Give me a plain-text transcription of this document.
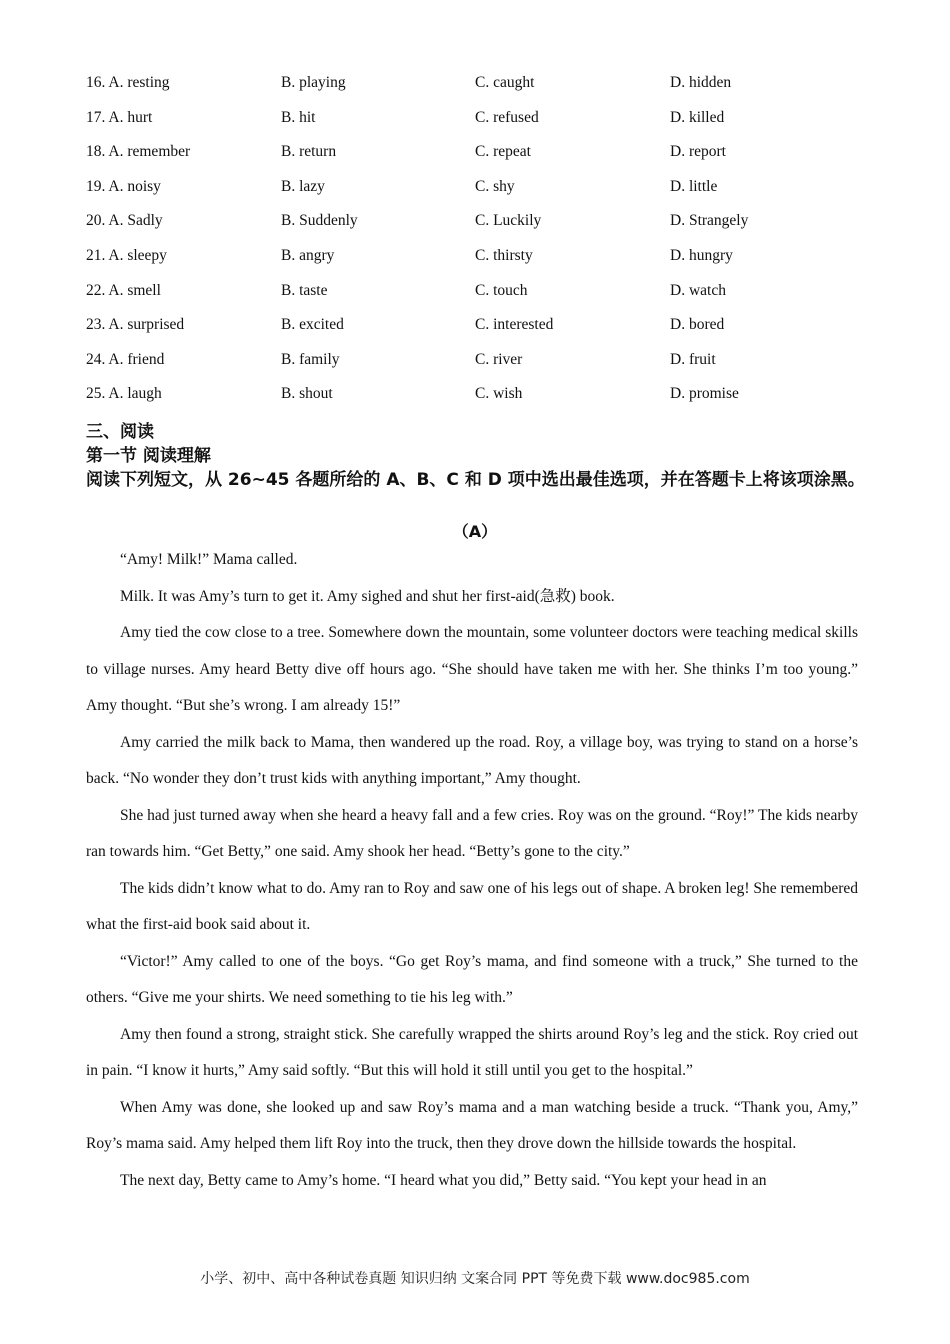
16. A. resting	B. playing	C. caught	D. hidden
17. A. hurt	B. hit	C. refused	D. killed
18. A. remember	B. return	C. repeat	D. report
19. A. noisy	B. lazy	C. shy	D. little
20. A. Sadly	B. Suddenly	C. Luckily	D. Strangely
21. A. sleepy	B. angry	C. thirsty	D. hungry
22. A. smell	B. taste	C. touch	D. watch
23. A. surprised	B. excited	C. interested	D. bored
24. A. friend	B. family	C. river	D. fruit
25. A. laugh	B. shout	C. wish	D. promise
三、阅读
第一节 阅读理解
阅读下列短文，从 26~45 各题所给的 A、B、C 和 D 项中选出最佳选项，并在答题卡上将该项涂黑。
（A）

“Amy! Milk!” Mama called.

Milk. It was Amy’s turn to get it. Amy sighed and shut her first-aid(急救) book.

Amy tied the cow close to a tree. Somewhere down the mountain, some volunteer doctors were teaching medical skills to village nurses. Amy heard Betty dive off hours ago. “She should have taken me with her. She thinks I’m too young.” Amy thought. “But she’s wrong. I am already 15!”

Amy carried the milk back to Mama, then wandered up the road. Roy, a village boy, was trying to stand on a horse’s back. “No wonder they don’t trust kids with anything important,” Amy thought.

She had just turned away when she heard a heavy fall and a few cries. Roy was on the ground. “Roy!” The kids nearby ran towards him. “Get Betty,” one said. Amy shook her head. “Betty’s gone to the city.”

The kids didn’t know what to do. Amy ran to Roy and saw one of his legs out of shape. A broken leg! She remembered what the first-aid book said about it.

“Victor!” Amy called to one of the boys. “Go get Roy’s mama, and find someone with a truck,” She turned to the others. “Give me your shirts. We need something to tie his leg with.”

Amy then found a strong, straight stick. She carefully wrapped the shirts around Roy’s leg and the stick. Roy cried out in pain. “I know it hurts,” Amy said softly. “But this will hold it still until you get to the hospital.”

When Amy was done, she looked up and saw Roy’s mama and a man watching beside a truck. “Thank you, Amy,” Roy’s mama said. Amy helped them lift Roy into the truck, then they drove down the hillside towards the hospital.

The next day, Betty came to Amy’s home. “I heard what you did,” Betty said. “You kept your head in an

小学、初中、高中各种试卷真题 知识归纳 文案合同 PPT 等免费下载 www.doc985.com
